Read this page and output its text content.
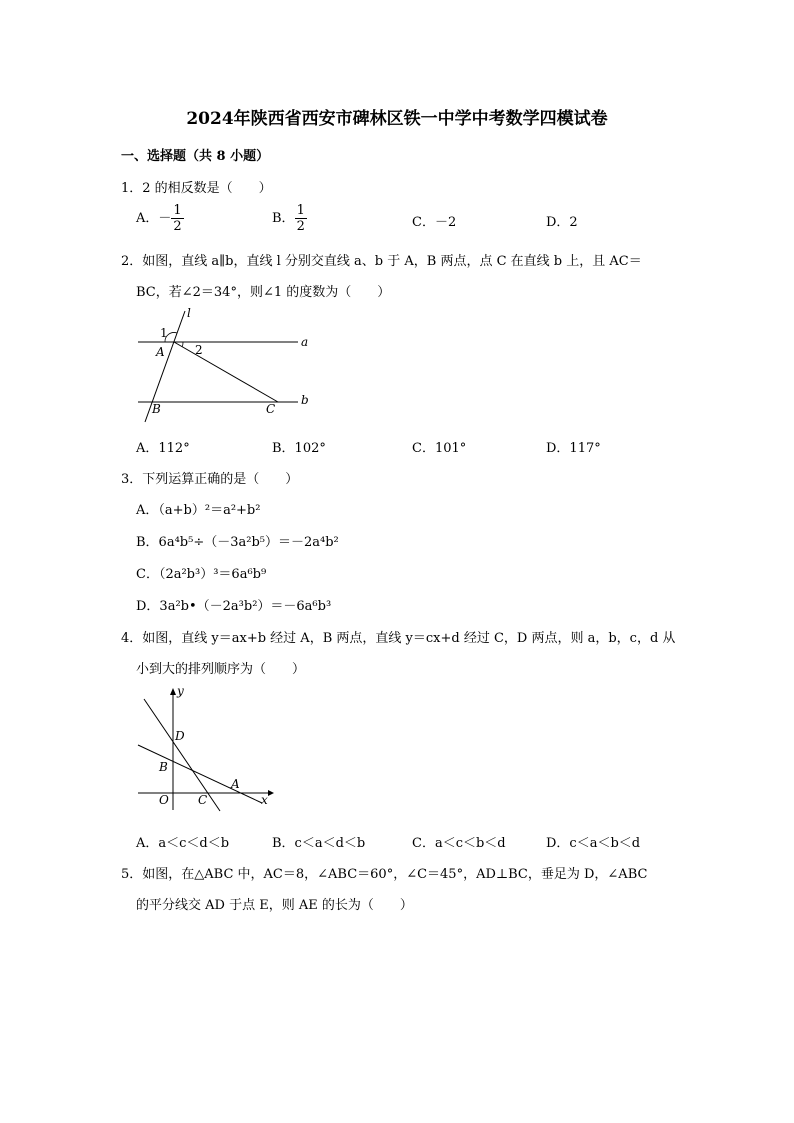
2024年陕西省西安市碑林区铁一中学中考数学四模试卷
一、选择题（共 8 小题）
1．2 的相反数是（　　）
A．－ $\frac{1}{2}$	B． $\frac{1}{2}$	C．－2	D．2
2．如图，直线 a∥b，直线 l 分别交直线 a、b 于 A，B 两点，点 C 在直线 b 上，且 AC＝
BC，若∠2＝34°，则∠1 的度数为（　　）
l
1
2
A
a
B	C
b
A．112°	B．102°	C．101°	D．117°
3．下列运算正确的是（　　）
A．（a+b）²＝a²+b²
B．6a⁴b⁵÷（－3a²b⁵）＝－2a⁴b²
C．（2a²b³）³＝6a⁶b⁹
D．3a²b•（－2a³b²）＝－6a⁶b³
4．如图，直线 y＝ax+b 经过 A，B 两点，直线 y＝cx+d 经过 C，D 两点，则 a，b，c，d 从
小到大的排列顺序为（　　）
y
x
O
B
D
A
C
A．a＜c＜d＜b	B．c＜a＜d＜b	C．a＜c＜b＜d	D．c＜a＜b＜d
5．如图，在△ABC 中，AC＝8，∠ABC＝60°，∠C＝45°，AD⊥BC，垂足为 D，∠ABC
的平分线交 AD 于点 E，则 AE 的长为（　　）
